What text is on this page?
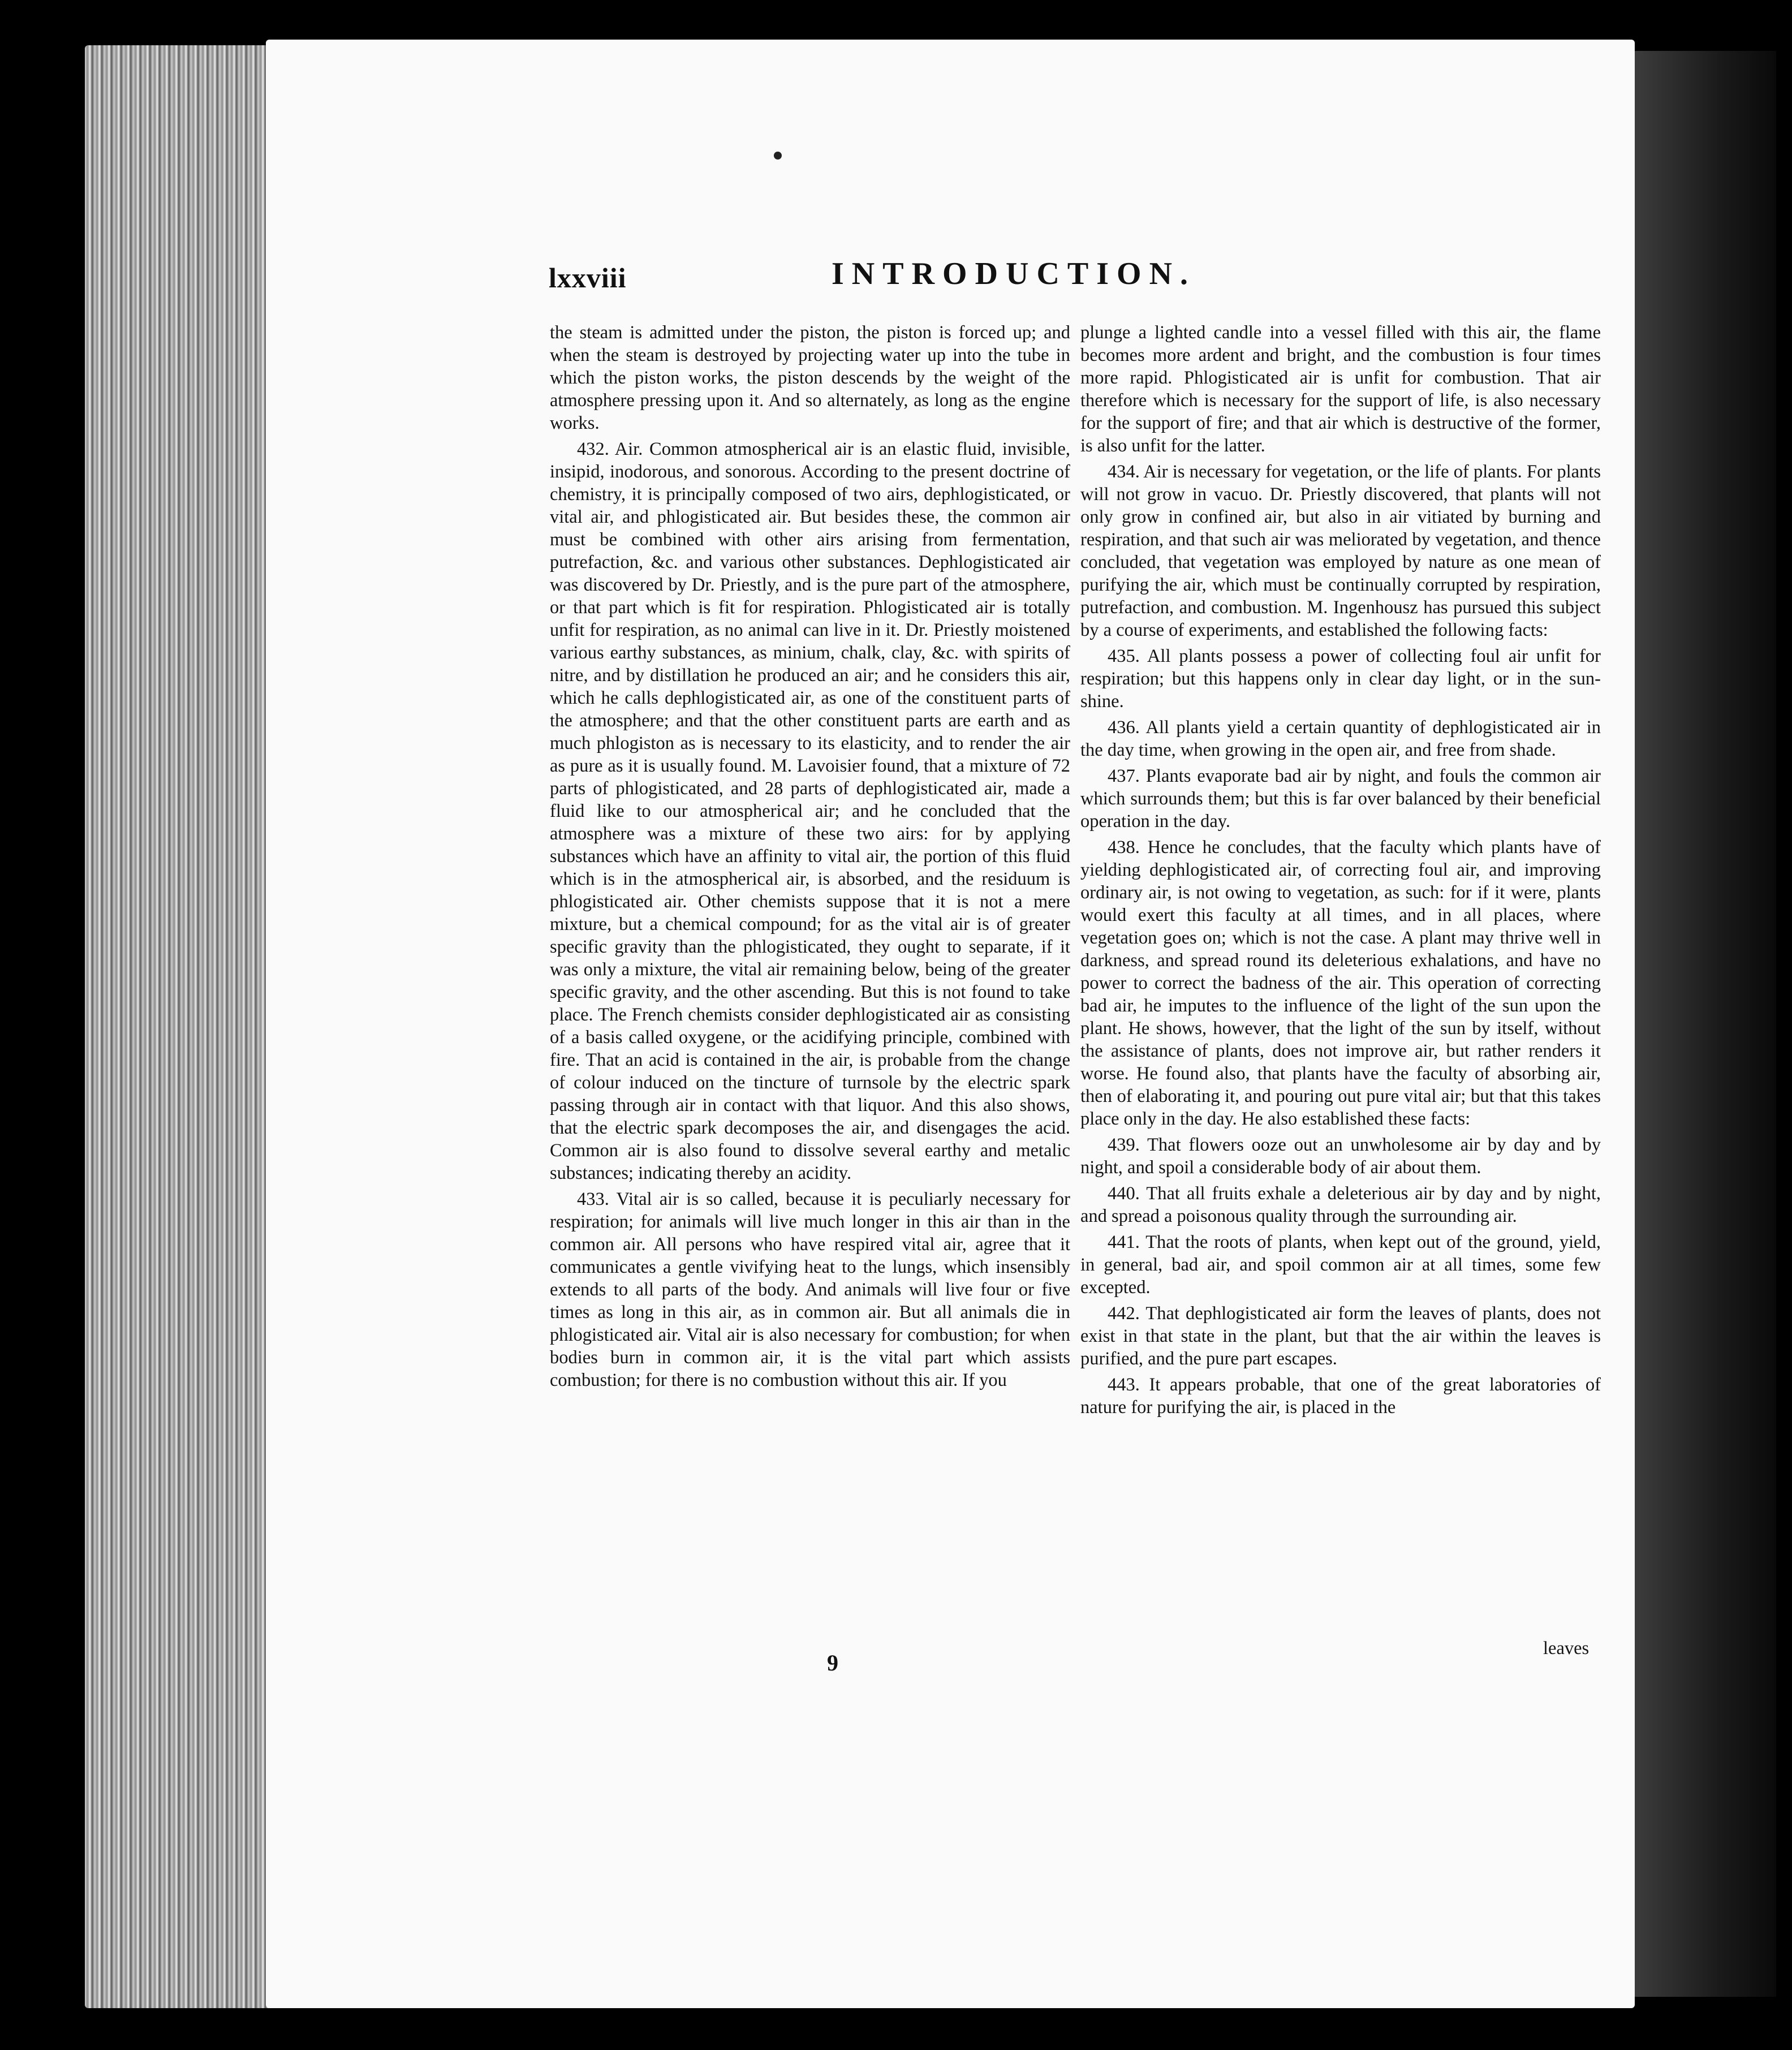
lxxviii	INTRODUCTION.

the steam is admitted under the piston, the piston is forced up; and when the steam is destroyed by projecting water up into the tube in which the piston works, the piston descends by the weight of the atmosphere pressing upon it. And so alternately, as long as the engine works.

432. Air. Common atmospherical air is an elastic fluid, invisible, insipid, inodorous, and sonorous. According to the present doctrine of chemistry, it is principally composed of two airs, dephlogisticated, or vital air, and phlogisticated air. But besides these, the common air must be combined with other airs arising from fermentation, putrefaction, &c. and various other substances. Dephlogisticated air was discovered by Dr. Priestly, and is the pure part of the atmosphere, or that part which is fit for respiration. Phlogisticated air is totally unfit for respiration, as no animal can live in it. Dr. Priestly moistened various earthy substances, as minium, chalk, clay, &c. with spirits of nitre, and by distillation he produced an air; and he considers this air, which he calls dephlogisticated air, as one of the constituent parts of the atmosphere; and that the other constituent parts are earth and as much phlogiston as is necessary to its elasticity, and to render the air as pure as it is usually found. M. Lavoisier found, that a mixture of 72 parts of phlogisticated, and 28 parts of dephlogisticated air, made a fluid like to our atmospherical air; and he concluded that the atmosphere was a mixture of these two airs: for by applying substances which have an affinity to vital air, the portion of this fluid which is in the atmospherical air, is absorbed, and the residuum is phlogisticated air. Other chemists suppose that it is not a mere mixture, but a chemical compound; for as the vital air is of greater specific gravity than the phlogisticated, they ought to separate, if it was only a mixture, the vital air remaining below, being of the greater specific gravity, and the other ascending. But this is not found to take place. The French chemists consider dephlogisticated air as consisting of a basis called oxygene, or the acidifying principle, combined with fire. That an acid is contained in the air, is probable from the change of colour induced on the tincture of turnsole by the electric spark passing through air in contact with that liquor. And this also shows, that the electric spark decomposes the air, and disengages the acid. Common air is also found to dissolve several earthy and metalic substances; indicating thereby an acidity.

433. Vital air is so called, because it is peculiarly necessary for respiration; for animals will live much longer in this air than in the common air. All persons who have respired vital air, agree that it communicates a gentle vivifying heat to the lungs, which insensibly extends to all parts of the body. And animals will live four or five times as long in this air, as in common air. But all animals die in phlogisticated air. Vital air is also necessary for combustion; for when bodies burn in common air, it is the vital part which assists combustion; for there is no combustion without this air. If you

plunge a lighted candle into a vessel filled with this air, the flame becomes more ardent and bright, and the combustion is four times more rapid. Phlogisticated air is unfit for combustion. That air therefore which is necessary for the support of life, is also necessary for the support of fire; and that air which is destructive of the former, is also unfit for the latter.

434. Air is necessary for vegetation, or the life of plants. For plants will not grow in vacuo. Dr. Priestly discovered, that plants will not only grow in confined air, but also in air vitiated by burning and respiration, and that such air was meliorated by vegetation, and thence concluded, that vegetation was employed by nature as one mean of purifying the air, which must be continually corrupted by respiration, putrefaction, and combustion. M. Ingenhousz has pursued this subject by a course of experiments, and established the following facts:

435. All plants possess a power of collecting foul air unfit for respiration; but this happens only in clear day light, or in the sun-shine.

436. All plants yield a certain quantity of dephlogisticated air in the day time, when growing in the open air, and free from shade.

437. Plants evaporate bad air by night, and fouls the common air which surrounds them; but this is far over balanced by their beneficial operation in the day.

438. Hence he concludes, that the faculty which plants have of yielding dephlogisticated air, of correcting foul air, and improving ordinary air, is not owing to vegetation, as such: for if it were, plants would exert this faculty at all times, and in all places, where vegetation goes on; which is not the case. A plant may thrive well in darkness, and spread round its deleterious exhalations, and have no power to correct the badness of the air. This operation of correcting bad air, he imputes to the influence of the light of the sun upon the plant. He shows, however, that the light of the sun by itself, without the assistance of plants, does not improve air, but rather renders it worse. He found also, that plants have the faculty of absorbing air, then of elaborating it, and pouring out pure vital air; but that this takes place only in the day. He also established these facts:

439. That flowers ooze out an unwholesome air by day and by night, and spoil a considerable body of air about them.

440. That all fruits exhale a deleterious air by day and by night, and spread a poisonous quality through the surrounding air.

441. That the roots of plants, when kept out of the ground, yield, in general, bad air, and spoil common air at all times, some few excepted.

442. That dephlogisticated air form the leaves of plants, does not exist in that state in the plant, but that the air within the leaves is purified, and the pure part escapes.

443. It appears probable, that one of the great laboratories of nature for purifying the air, is placed in the

9
leaves
